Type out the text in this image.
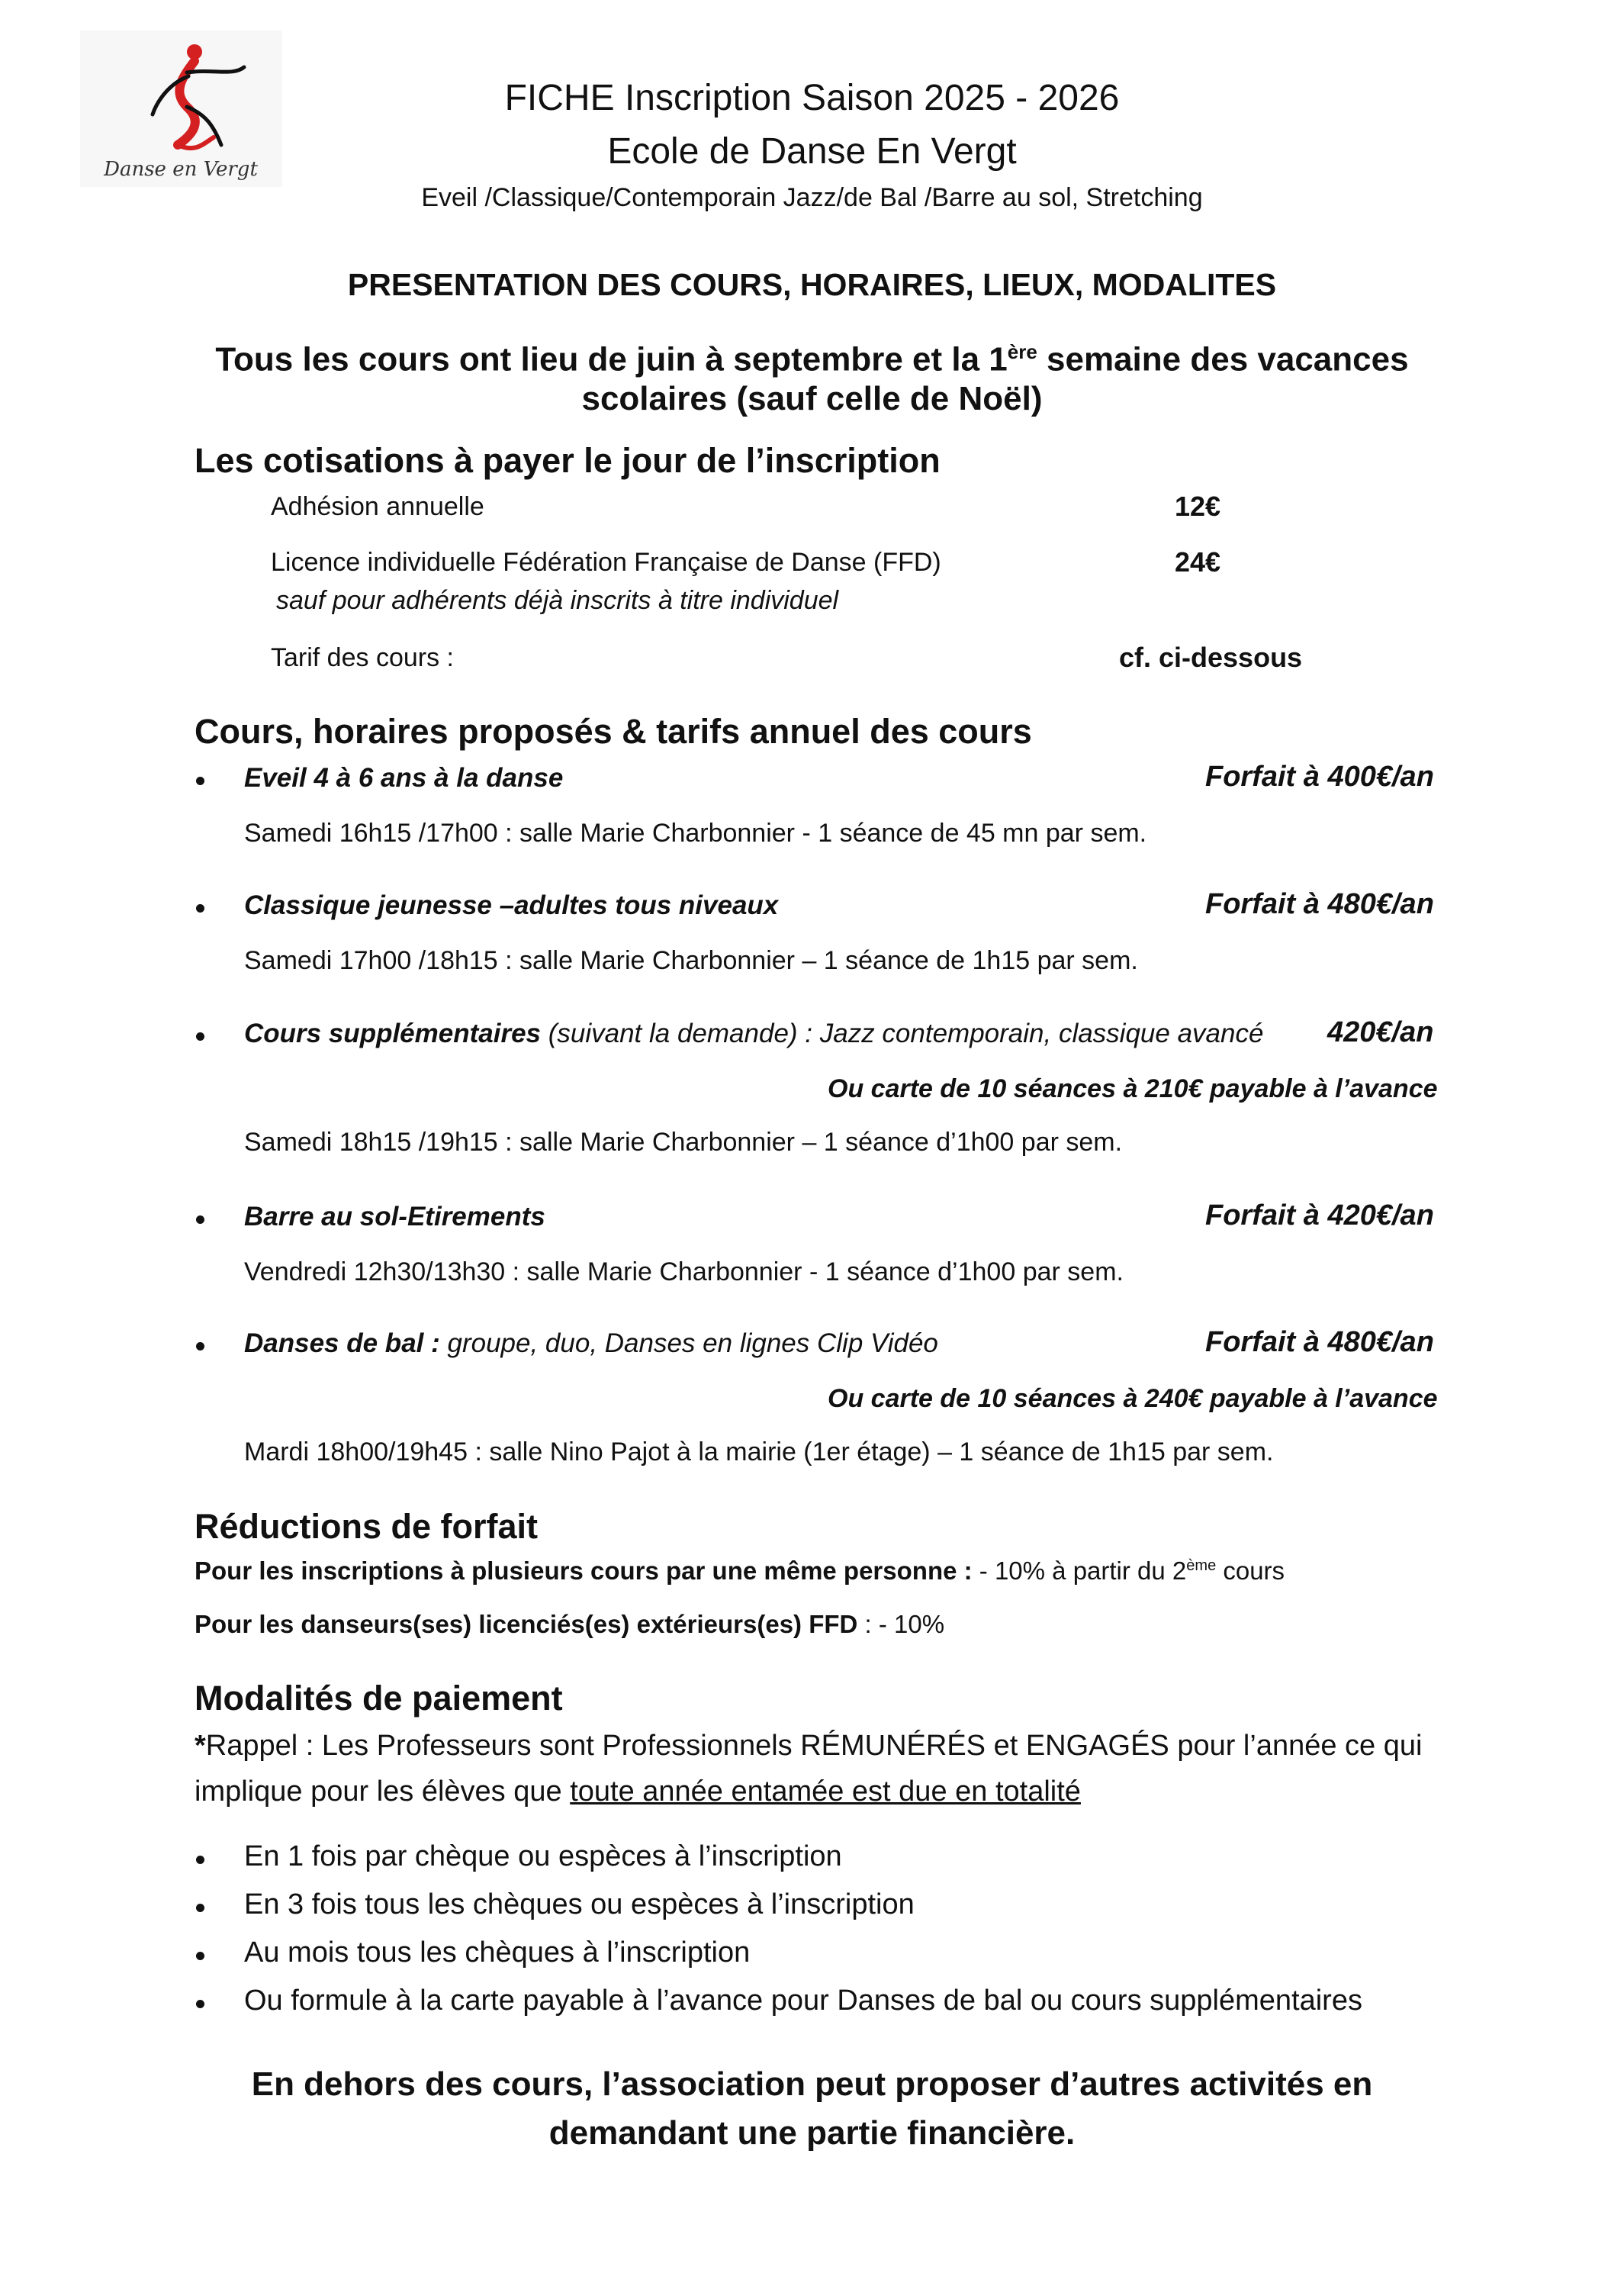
Danse en Vergt
FICHE Inscription Saison 2025 - 2026
Ecole de Danse En Vergt
Eveil /Classique/Contemporain Jazz/de Bal /Barre au sol, Stretching
PRESENTATION DES COURS, HORAIRES, LIEUX, MODALITES
Tous les cours ont lieu de juin à septembre et la 1ère semaine des vacances
scolaires (sauf celle de Noël)
Les cotisations à payer le jour de l’inscription
Adhésion annuelle	12€
Licence individuelle Fédération Française de Danse (FFD)	24€
sauf pour adhérents déjà inscrits à titre individuel
Tarif des cours :	cf. ci-dessous
Cours, horaires proposés & tarifs annuel des cours
Eveil 4 à 6 ans à la danse	Forfait à 400€/an
Samedi 16h15 /17h00 : salle Marie Charbonnier - 1 séance de 45 mn par sem.
Classique jeunesse –adultes tous niveaux	Forfait à 480€/an
Samedi 17h00 /18h15 : salle Marie Charbonnier – 1 séance de 1h15 par sem.
Cours supplémentaires (suivant la demande) : Jazz contemporain, classique avancé 420€/an
Ou carte de 10 séances à 210€ payable à l’avance
Samedi 18h15 /19h15 : salle Marie Charbonnier – 1 séance d’1h00 par sem.
Barre au sol-Etirements	Forfait à 420€/an
Vendredi 12h30/13h30 : salle Marie Charbonnier - 1 séance d’1h00 par sem.
Danses de bal : groupe, duo, Danses en lignes Clip Vidéo	Forfait à 480€/an
Ou carte de 10 séances à 240€ payable à l’avance
Mardi 18h00/19h45 : salle Nino Pajot à la mairie (1er étage) – 1 séance de 1h15 par sem.
Réductions de forfait
Pour les inscriptions à plusieurs cours par une même personne : - 10% à partir du 2ème cours
Pour les danseurs(ses) licenciés(es) extérieurs(es) FFD : - 10%
Modalités de paiement
*Rappel : Les Professeurs sont Professionnels RÉMUNÉRÉS et ENGAGÉS pour l’année ce qui
implique pour les élèves que toute année entamée est due en totalité
En 1 fois par chèque ou espèces à l’inscription
En 3 fois tous les chèques ou espèces à l’inscription
Au mois tous les chèques à l’inscription
Ou formule à la carte payable à l’avance pour Danses de bal ou cours supplémentaires
En dehors des cours, l’association peut proposer d’autres activités en
demandant une partie financière.
